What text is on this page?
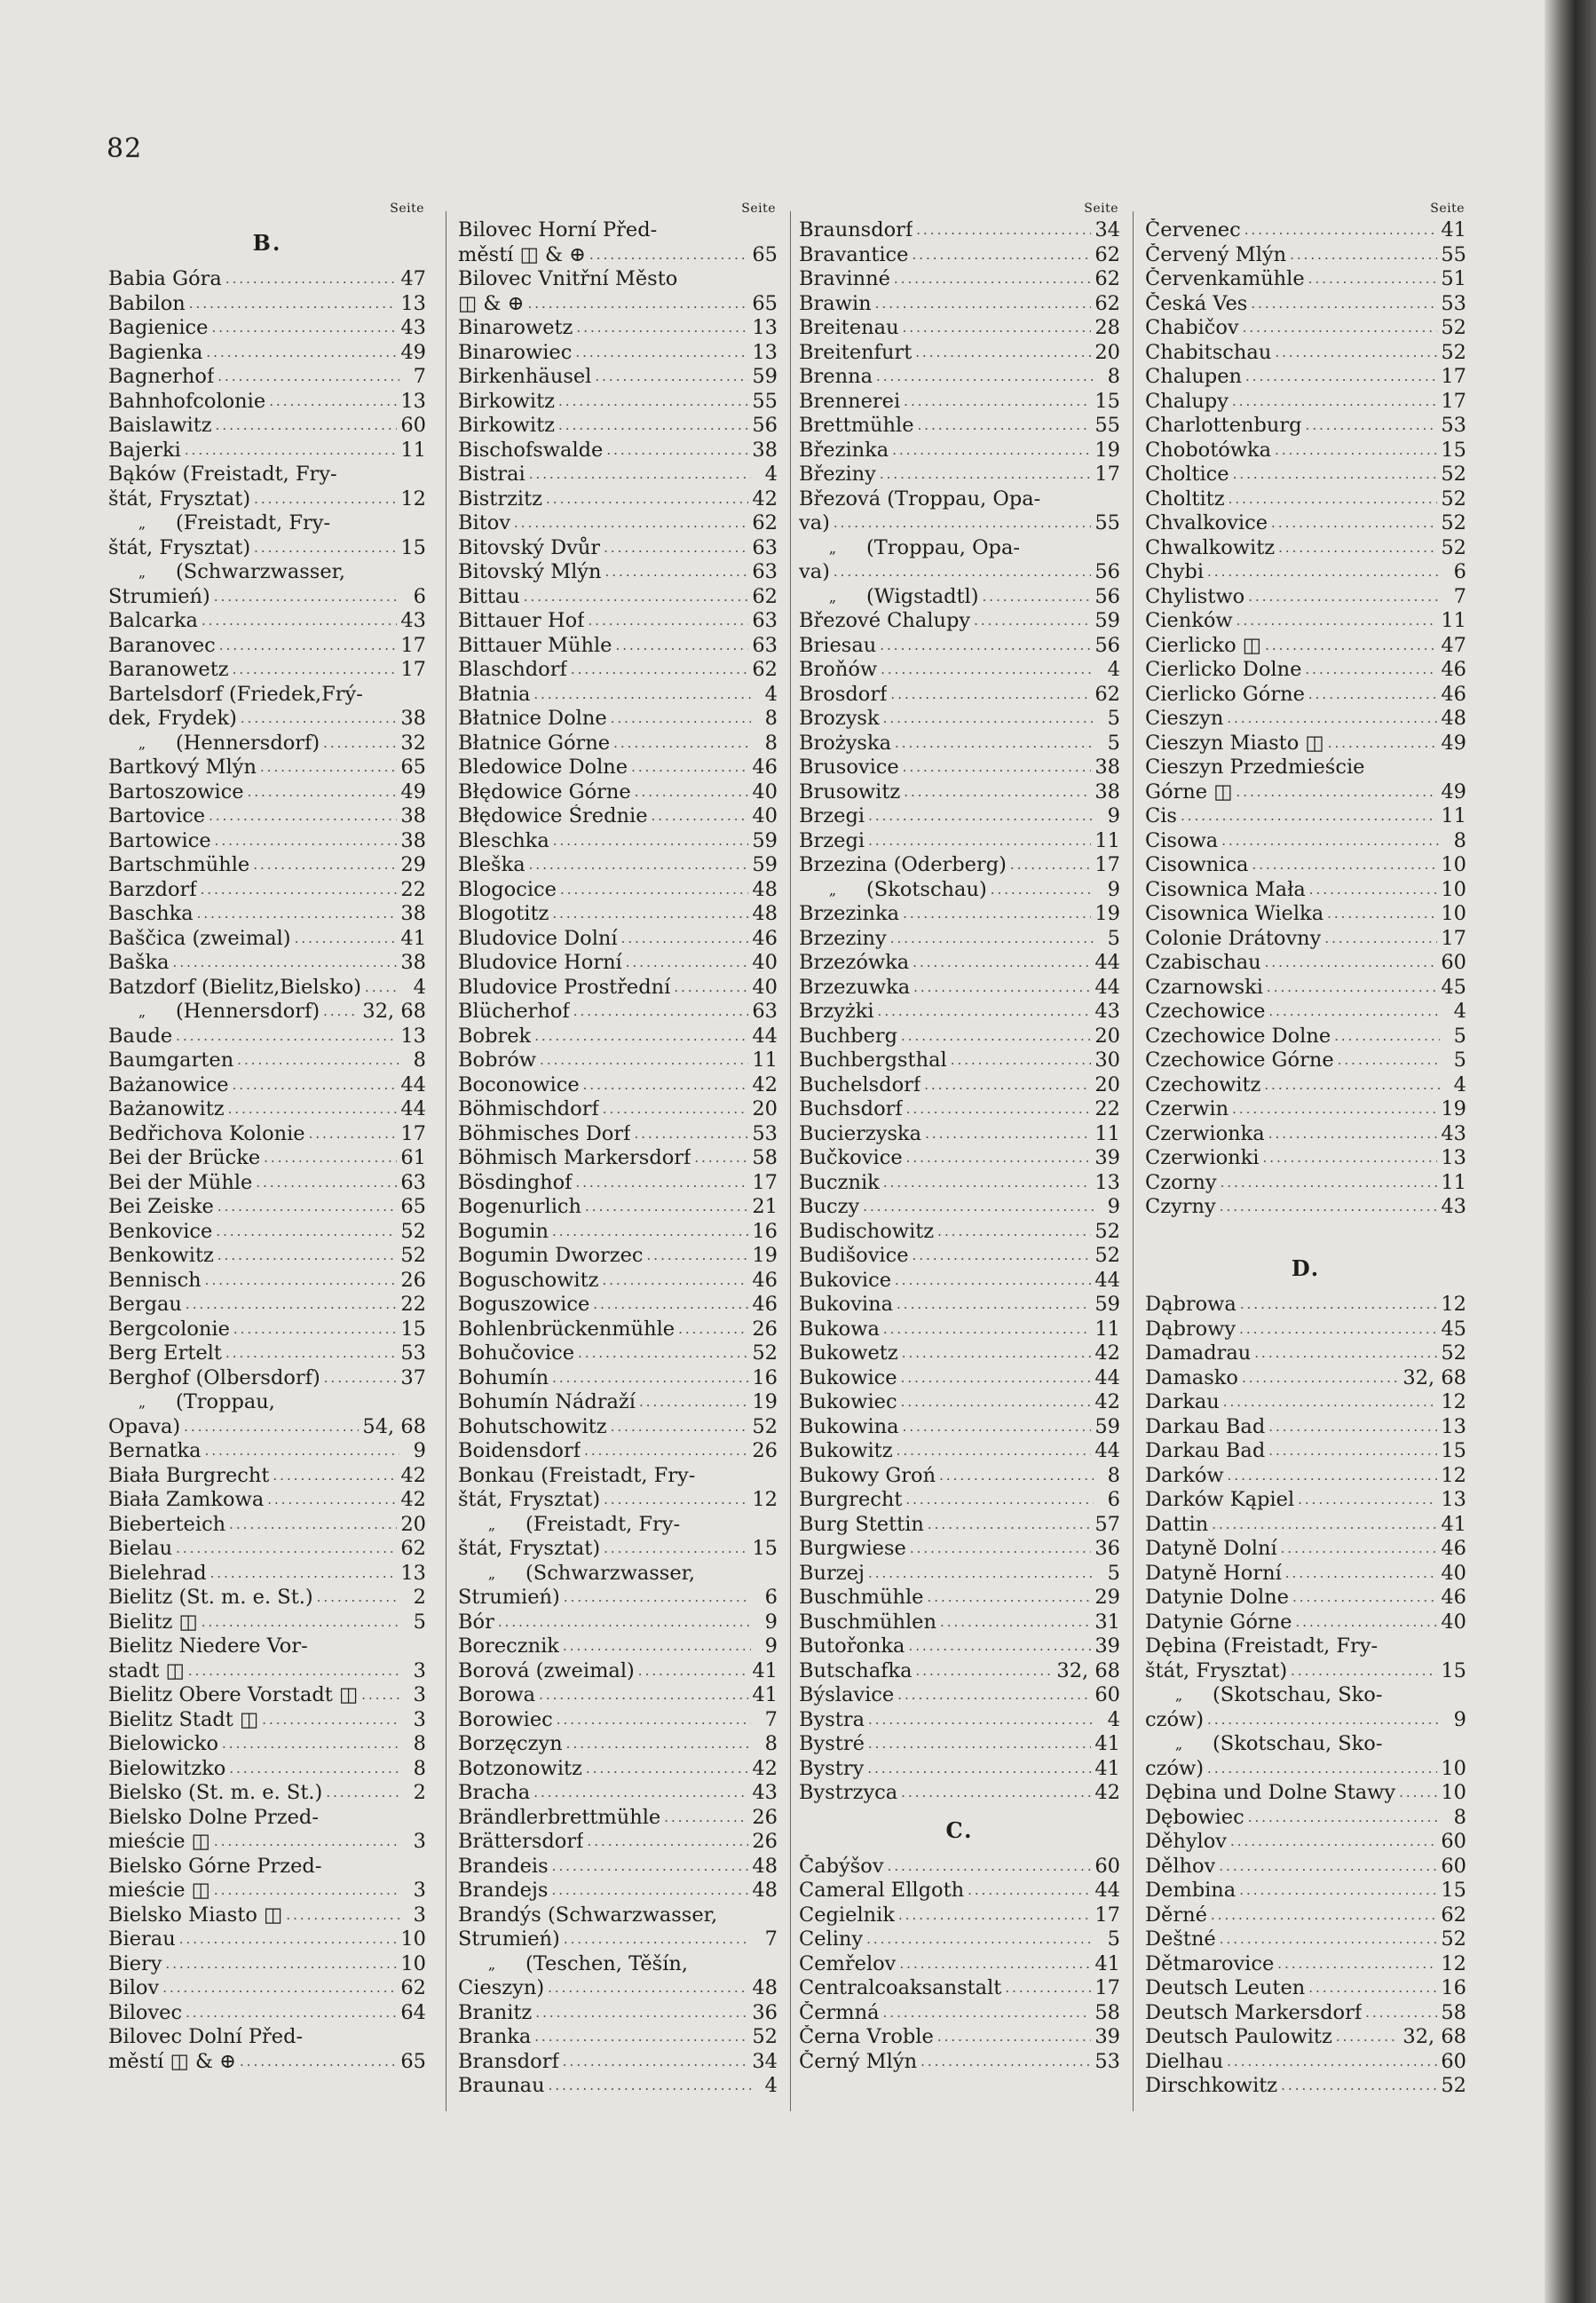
82
Seite
B.
Babia Góra .....	47
Babilon .....	13
Bagienice .....	43
Bagienka .....	49
Bagnerhof .....	7
Bahnhofcolonie .....	13
Baislawitz .....	60
Bajerki .....	11
Bąków (Freistadt, Fry-
štát, Frysztat) .....	12
„	(Freistadt, Fry-
štát, Frysztat) .....	15
„	(Schwarzwasser,
Strumień) .....	6
Balcarka .....	43
Baranovec .....	17
Baranowetz .....	17
Bartelsdorf (Friedek,Frý-
dek, Frydek) .....	38
„	(Hennersdorf) .....	32
Bartkový Mlýn .....	65
Bartoszowice .....	49
Bartovice .....	38
Bartowice .....	38
Bartschmühle .....	29
Barzdorf .....	22
Baschka .....	38
Baščica (zweimal) .....	41
Baška .....	38
Batzdorf (Bielitz,Bielsko) .....	4
„	(Hennersdorf) ..... 32, 68
Baude .....	13
Baumgarten .....	8
Bażanowice .....	44
Bażanowitz .....	44
Bedřichova Kolonie .....	17
Bei der Brücke .....	61
Bei der Mühle .....	63
Bei Zeiske .....	65
Benkovice .....	52
Benkowitz .....	52
Bennisch .....	26
Bergau .....	22
Bergcolonie .....	15
Berg Ertelt .....	53
Berghof (Olbersdorf) .....	37
„	(Troppau,
Opava) .....	54, 68
Bernatka .....	9
Biała Burgrecht .....	42
Biała Zamkowa .....	42
Bieberteich .....	20
Bielau .....	62
Bielehrad .....	13
Bielitz (St. m. e. St.) .....	2
Bielitz ◫ .....	5
Bielitz Niedere Vor-
stadt ◫ .....	3
Bielitz Obere Vorstadt ◫ .....	3
Bielitz Stadt ◫ .....	3
Bielowicko .....	8
Bielowitzko .....	8
Bielsko (St. m. e. St.) .....	2
Bielsko Dolne Przed-
mieście ◫ .....	3
Bielsko Górne Przed-
mieście ◫ .....	3
Bielsko Miasto ◫ .....	3
Bierau .....	10
Biery .....	10
Bilov .....	62
Bilovec .....	64
Bilovec Dolní Před-
městí ◫ & ⊕ .....	65
Seite
Bilovec Horní Před-
městí ◫ & ⊕ .....	65
Bilovec Vnitřní Město
◫ & ⊕ .....	65
Binarowetz .....	13
Binarowiec .....	13
Birkenhäusel .....	59
Birkowitz .....	55
Birkowitz .....	56
Bischofswalde .....	38
Bistrai .....	4
Bistrzitz .....	42
Bitov .....	62
Bitovský Dvůr .....	63
Bitovský Mlýn .....	63
Bittau .....	62
Bittauer Hof .....	63
Bittauer Mühle .....	63
Blaschdorf .....	62
Błatnia .....	4
Błatnice Dolne .....	8
Błatnice Górne .....	8
Bledowice Dolne .....	46
Błędowice Górne .....	40
Błędowice Średnie .....	40
Bleschka .....	59
Bleška .....	59
Blogocice .....	48
Blogotitz .....	48
Bludovice Dolní .....	46
Bludovice Horní .....	40
Bludovice Prostřední .....	40
Blücherhof .....	63
Bobrek .....	44
Bobrów .....	11
Boconowice .....	42
Böhmischdorf .....	20
Böhmisches Dorf .....	53
Böhmisch Markersdorf .....	58
Bösdinghof .....	17
Bogenurlich .....	21
Bogumin .....	16
Bogumin Dworzec .....	19
Boguschowitz .....	46
Boguszowice .....	46
Bohlenbrückenmühle .....	26
Bohučovice .....	52
Bohumín .....	16
Bohumín Nádraží .....	19
Bohutschowitz .....	52
Boidensdorf .....	26
Bonkau (Freistadt, Fry-
štát, Frysztat) .....	12
„	(Freistadt, Fry-
štát, Frysztat) .....	15
„	(Schwarzwasser,
Strumień) .....	6
Bór .....	9
Borecznik .....	9
Borová (zweimal) .....	41
Borowa .....	41
Borowiec .....	7
Borzęczyn .....	8
Botzonowitz .....	42
Bracha .....	43
Brändlerbrettmühle .....	26
Brättersdorf .....	26
Brandeis .....	48
Brandejs .....	48
Brandýs (Schwarzwasser,
Strumień) .....	7
„	(Teschen, Těšín,
Cieszyn) .....	48
Branitz .....	36
Branka .....	52
Bransdorf .....	34
Braunau .....	4
Seite
Braunsdorf .....	34
Bravantice .....	62
Bravinné .....	62
Brawin .....	62
Breitenau .....	28
Breitenfurt .....	20
Brenna .....	8
Brennerei .....	15
Brettmühle .....	55
Březinka .....	19
Březiny .....	17
Březová (Troppau, Opa-
va) .....	55
„	(Troppau, Opa-
va) .....	56
„	(Wigstadtl) .....	56
Březové Chalupy .....	59
Briesau .....	56
Broňów .....	4
Brosdorf .....	62
Brozysk .....	5
Brożyska .....	5
Brusovice .....	38
Brusowitz .....	38
Brzegi .....	9
Brzegi .....	11
Brzezina (Oderberg) .....	17
„	(Skotschau) .....	9
Brzezinka .....	19
Brzeziny .....	5
Brzezówka .....	44
Brzezuwka .....	44
Brzyżki .....	43
Buchberg .....	20
Buchbergsthal .....	30
Buchelsdorf .....	20
Buchsdorf .....	22
Bucierzyska .....	11
Bučkovice .....	39
Bucznik .....	13
Buczy .....	9
Budischowitz .....	52
Budišovice .....	52
Bukovice .....	44
Bukovina .....	59
Bukowa .....	11
Bukowetz .....	42
Bukowice .....	44
Bukowiec .....	42
Bukowina .....	59
Bukowitz .....	44
Bukowy Groń .....	8
Burgrecht .....	6
Burg Stettin .....	57
Burgwiese .....	36
Burzej .....	5
Buschmühle .....	29
Buschmühlen .....	31
Butořonka .....	39
Butschafka .....	32, 68
Býslavice .....	60
Bystra .....	4
Bystré .....	41
Bystry .....	41
Bystrzyca .....	42
C.
Čabýšov .....	60
Cameral Ellgoth .....	44
Cegielnik .....	17
Celiny .....	5
Cemřelov .....	41
Centralcoaksanstalt .....	17
Čermná .....	58
Černa Vroble .....	39
Černý Mlýn .....	53
Seite
Červenec .....	41
Červený Mlýn .....	55
Červenkamühle .....	51
Česká Ves .....	53
Chabičov .....	52
Chabitschau .....	52
Chalupen .....	17
Chalupy .....	17
Charlottenburg .....	53
Chobotówka .....	15
Choltice .....	52
Choltitz .....	52
Chvalkovice .....	52
Chwalkowitz .....	52
Chybi .....	6
Chylistwo .....	7
Cienków .....	11
Cierlicko ◫ .....	47
Cierlicko Dolne .....	46
Cierlicko Górne .....	46
Cieszyn .....	48
Cieszyn Miasto ◫ .....	49
Cieszyn Przedmieście
Górne ◫ .....	49
Cis .....	11
Cisowa .....	8
Cisownica .....	10
Cisownica Mała .....	10
Cisownica Wielka .....	10
Colonie Drátovny .....	17
Czabischau .....	60
Czarnowski .....	45
Czechowice .....	4
Czechowice Dolne .....	5
Czechowice Górne .....	5
Czechowitz .....	4
Czerwin .....	19
Czerwionka .....	43
Czerwionki .....	13
Czorny .....	11
Czyrny .....	43
D.
Dąbrowa .....	12
Dąbrowy .....	45
Damadrau .....	52
Damasko .....	32, 68
Darkau .....	12
Darkau Bad .....	13
Darkau Bad .....	15
Darków .....	12
Darków Kąpiel .....	13
Dattin .....	41
Datyně Dolní .....	46
Datyně Horní .....	40
Datynie Dolne .....	46
Datynie Górne .....	40
Dębina (Freistadt, Fry-
štát, Frysztat) .....	15
„	(Skotschau, Sko-
czów) .....	9
„	(Skotschau, Sko-
czów) .....	10
Dębina und Dolne Stawy ..... 10
Dębowiec .....	8
Děhylov .....	60
Dělhov .....	60
Dembina .....	15
Děrné .....	62
Deštné .....	52
Dětmarovice .....	12
Deutsch Leuten .....	16
Deutsch Markersdorf .....	58
Deutsch Paulowitz .....	32, 68
Dielhau .....	60
Dirschkowitz .....	52
